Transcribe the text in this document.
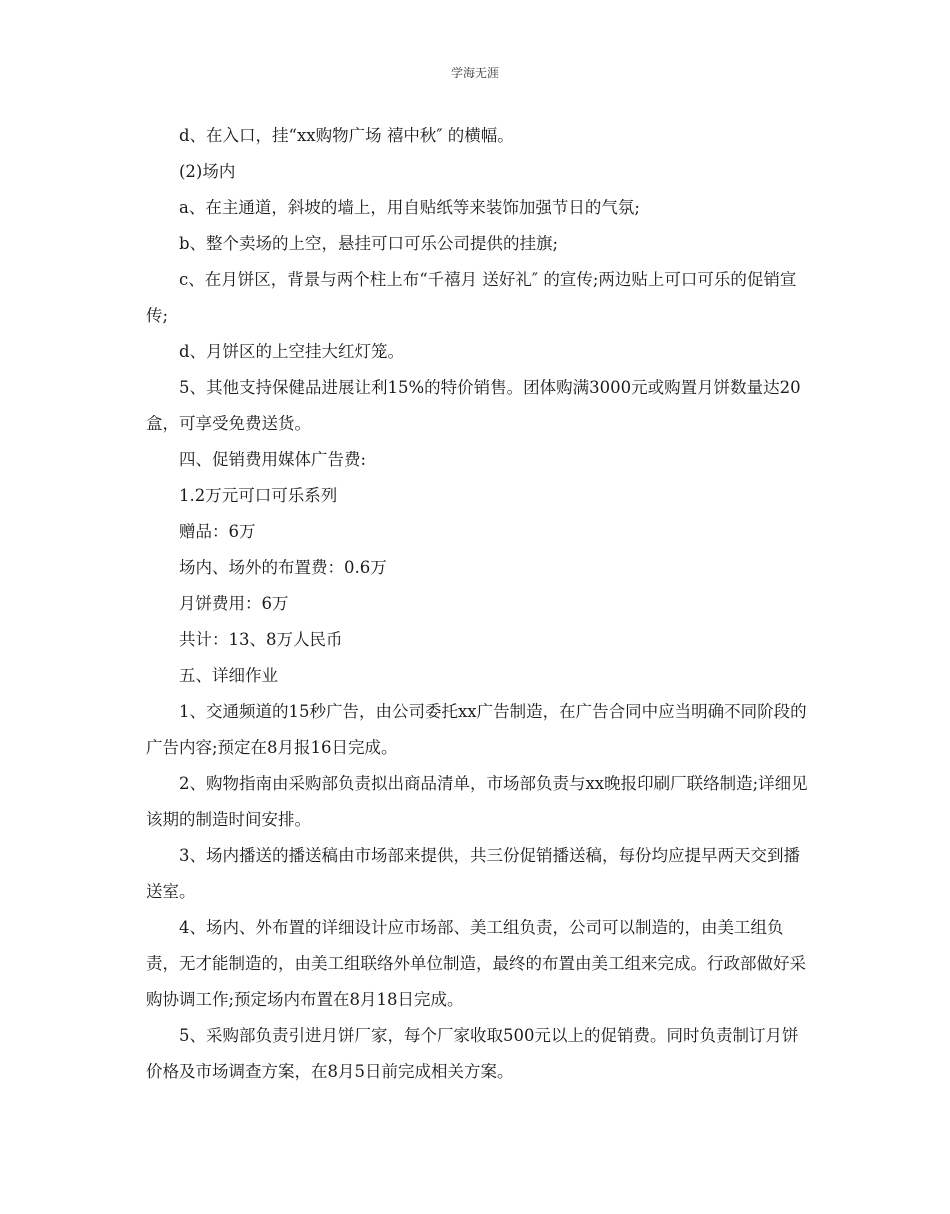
学海无涯

d、在入口，挂“xx购物广场 禧中秋″ 的横幅。

(2)场内

a、在主通道，斜坡的墙上，用自贴纸等来装饰加强节日的气氛;

b、整个卖场的上空，悬挂可口可乐公司提供的挂旗;

c、在月饼区，背景与两个柱上布“千禧月 送好礼″ 的宣传;两边贴上可口可乐的促销宣传;

d、月饼区的上空挂大红灯笼。

5、其他支持保健品进展让利15%的特价销售。团体购满3000元或购置月饼数量达20盒，可享受免费送货。

四、促销费用媒体广告费:

1.2万元可口可乐系列

赠品：6万

场内、场外的布置费：0.6万

月饼费用：6万

共计：13、8万人民币

五、详细作业

1、交通频道的15秒广告，由公司委托xx广告制造，在广告合同中应当明确不同阶段的广告内容;预定在8月报16日完成。

2、购物指南由采购部负责拟出商品清单，市场部负责与xx晚报印刷厂联络制造;详细见该期的制造时间安排。

3、场内播送的播送稿由市场部来提供，共三份促销播送稿，每份均应提早两天交到播送室。

4、场内、外布置的详细设计应市场部、美工组负责，公司可以制造的，由美工组负责，无才能制造的，由美工组联络外单位制造，最终的布置由美工组来完成。行政部做好采购协调工作;预定场内布置在8月18日完成。

5、采购部负责引进月饼厂家，每个厂家收取500元以上的促销费。同时负责制订月饼价格及市场调查方案，在8月5日前完成相关方案。
